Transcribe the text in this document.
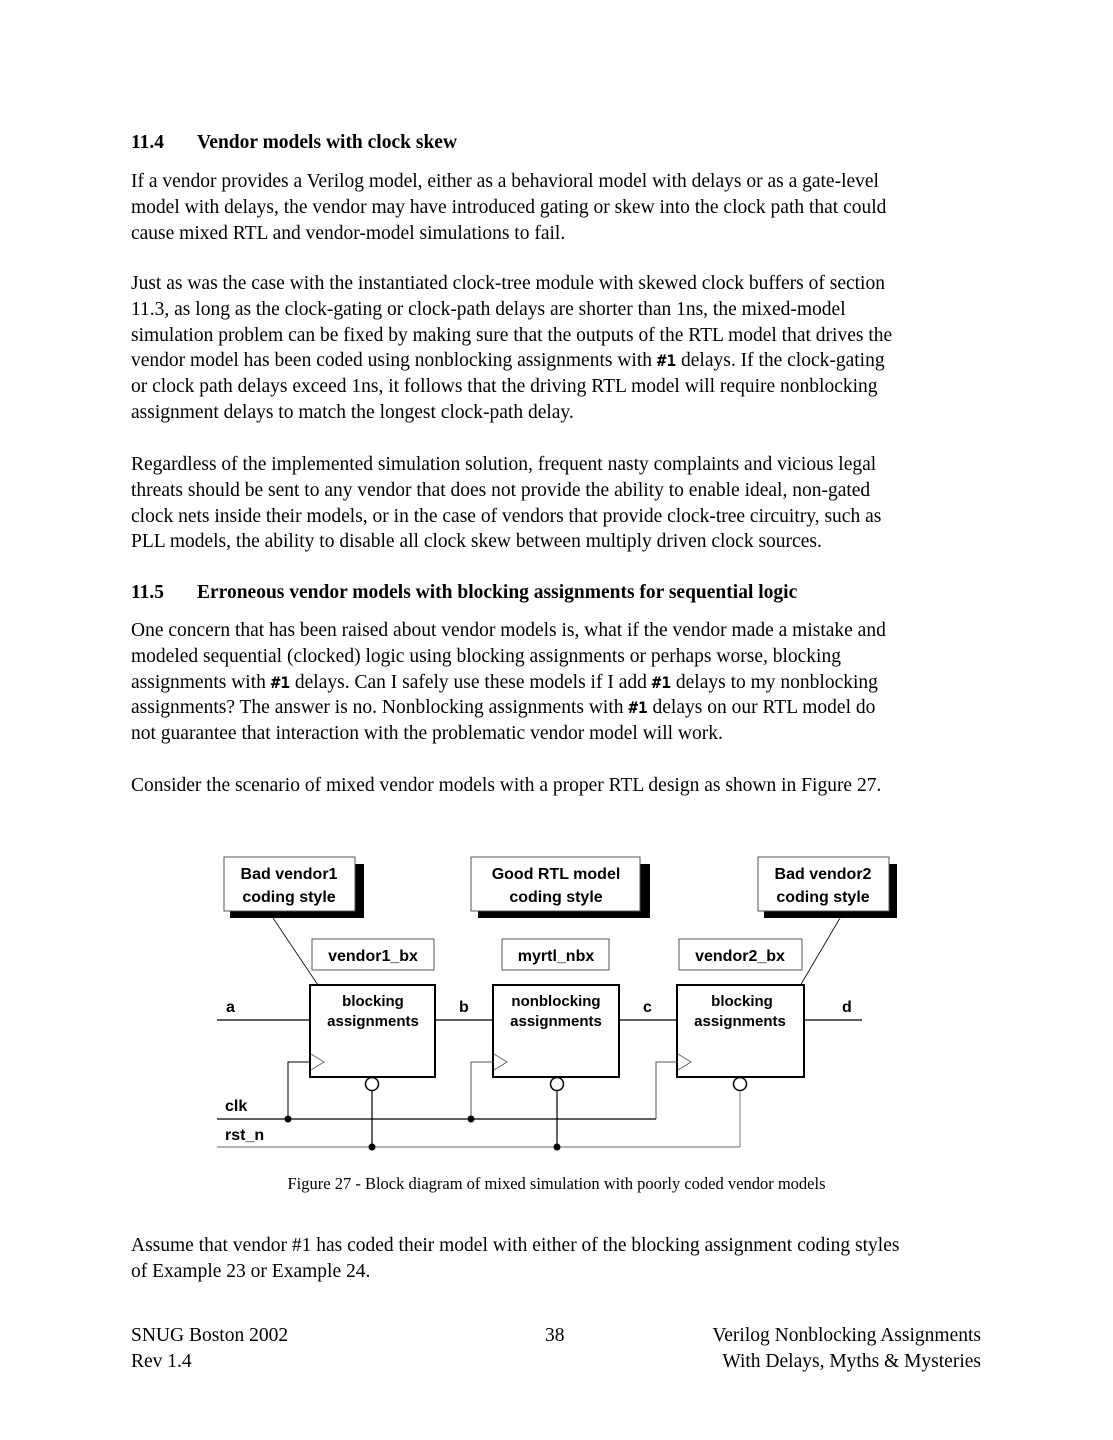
11.4 Vendor models with clock skew
If a vendor provides a Verilog model, either as a behavioral model with delays or as a gate-level
model with delays, the vendor may have introduced gating or skew into the clock path that could
cause mixed RTL and vendor-model simulations to fail.
Just as was the case with the instantiated clock-tree module with skewed clock buffers of section
11.3, as long as the clock-gating or clock-path delays are shorter than 1ns, the mixed-model
simulation problem can be fixed by making sure that the outputs of the RTL model that drives the
vendor model has been coded using nonblocking assignments with #1 delays. If the clock-gating
or clock path delays exceed 1ns, it follows that the driving RTL model will require nonblocking
assignment delays to match the longest clock-path delay.
Regardless of the implemented simulation solution, frequent nasty complaints and vicious legal
threats should be sent to any vendor that does not provide the ability to enable ideal, non-gated
clock nets inside their models, or in the case of vendors that provide clock-tree circuitry, such as
PLL models, the ability to disable all clock skew between multiply driven clock sources.
11.5 Erroneous vendor models with blocking assignments for sequential logic
One concern that has been raised about vendor models is, what if the vendor made a mistake and
modeled sequential (clocked) logic using blocking assignments or perhaps worse, blocking
assignments with #1 delays. Can I safely use these models if I add #1 delays to my nonblocking
assignments? The answer is no. Nonblocking assignments with #1 delays on our RTL model do
not guarantee that interaction with the problematic vendor model will work.
Consider the scenario of mixed vendor models with a proper RTL design as shown in Figure 27.
Bad vendor1
coding style
Good RTL model
coding style
Bad vendor2
coding style
vendor1_bx	myrtl_nbx	vendor2_bx
blocking
assignments
nonblocking
assignments
blocking
assignments
a	b	c	d
clk
rst_n
Figure 27 - Block diagram of mixed simulation with poorly coded vendor models
Assume that vendor #1 has coded their model with either of the blocking assignment coding styles
of Example 23 or Example 24.
SNUG Boston 2002
Rev 1.4
38	Verilog Nonblocking Assignments
With Delays, Myths & Mysteries
